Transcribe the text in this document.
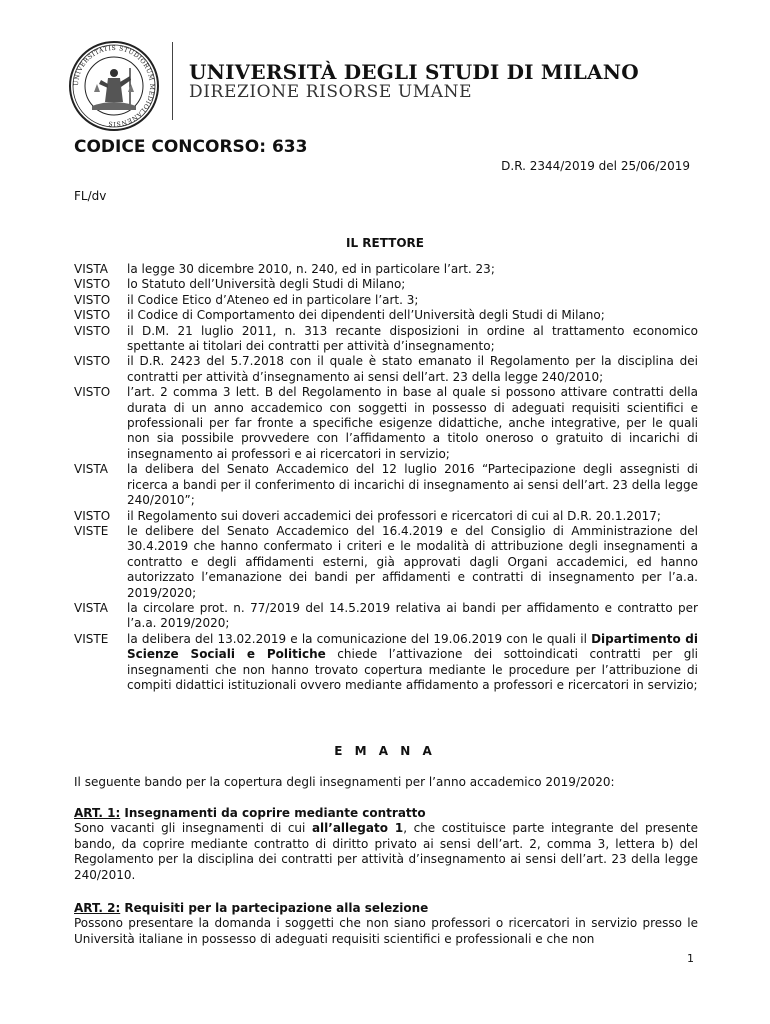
UNIVERSITATIS STUDIORUM MEDIOLANENSIS
UNIVERSITÀ DEGLI STUDI DI MILANO
DIREZIONE RISORSE UMANE
CODICE CONCORSO: 633
D.R. 2344/2019 del 25/06/2019
FL/dv
IL RETTORE
VISTA	la legge 30 dicembre 2010, n. 240, ed in particolare l’art. 23;
VISTO	lo Statuto dell’Università degli Studi di Milano;
VISTO	il Codice Etico d’Ateneo ed in particolare l’art. 3;
VISTO	il Codice di Comportamento dei dipendenti dell’Università degli Studi di Milano;
VISTO	il D.M. 21 luglio 2011, n. 313 recante disposizioni in ordine al trattamento economico spettante ai titolari dei contratti per attività d’insegnamento;
VISTO	il D.R. 2423 del 5.7.2018 con il quale è stato emanato il Regolamento per la disciplina dei contratti per attività d’insegnamento ai sensi dell’art. 23 della legge 240/2010;
VISTO	l’art. 2 comma 3 lett. B del Regolamento in base al quale si possono attivare contratti della durata di un anno accademico con soggetti in possesso di adeguati requisiti scientifici e professionali per far fronte a specifiche esigenze didattiche, anche integrative, per le quali non sia possibile provvedere con l’affidamento a titolo oneroso o gratuito di incarichi di insegnamento ai professori e ai ricercatori in servizio;
VISTA	la delibera del Senato Accademico del 12 luglio 2016 “Partecipazione degli assegnisti di ricerca a bandi per il conferimento di incarichi di insegnamento ai sensi dell’art. 23 della legge 240/2010”;
VISTO	il Regolamento sui doveri accademici dei professori e ricercatori di cui al D.R. 20.1.2017;
VISTE	le delibere del Senato Accademico del 16.4.2019 e del Consiglio di Amministrazione del 30.4.2019 che hanno confermato i criteri e le modalità di attribuzione degli insegnamenti a contratto e degli affidamenti esterni, già approvati dagli Organi accademici, ed hanno autorizzato l’emanazione dei bandi per affidamenti e contratti di insegnamento per l’a.a. 2019/2020;
VISTA	la circolare prot. n. 77/2019 del 14.5.2019 relativa ai bandi per affidamento e contratto per l’a.a. 2019/2020;
VISTE	la delibera del 13.02.2019 e la comunicazione del 19.06.2019 con le quali il Dipartimento di Scienze Sociali e Politiche chiede l’attivazione dei sottoindicati contratti per gli insegnamenti che non hanno trovato copertura mediante le procedure per l’attribuzione di compiti didattici istituzionali ovvero mediante affidamento a professori e ricercatori in servizio;
E M A N A
Il seguente bando per la copertura degli insegnamenti per l’anno accademico 2019/2020:
ART. 1: Insegnamenti da coprire mediante contratto
Sono vacanti gli insegnamenti di cui all’allegato 1, che costituisce parte integrante del presente bando, da coprire mediante contratto di diritto privato ai sensi dell’art. 2, comma 3, lettera b) del Regolamento per la disciplina dei contratti per attività d’insegnamento ai sensi dell’art. 23 della legge 240/2010.
ART. 2: Requisiti per la partecipazione alla selezione
Possono presentare la domanda i soggetti che non siano professori o ricercatori in servizio presso le Università italiane in possesso di adeguati requisiti scientifici e professionali e che non
1
